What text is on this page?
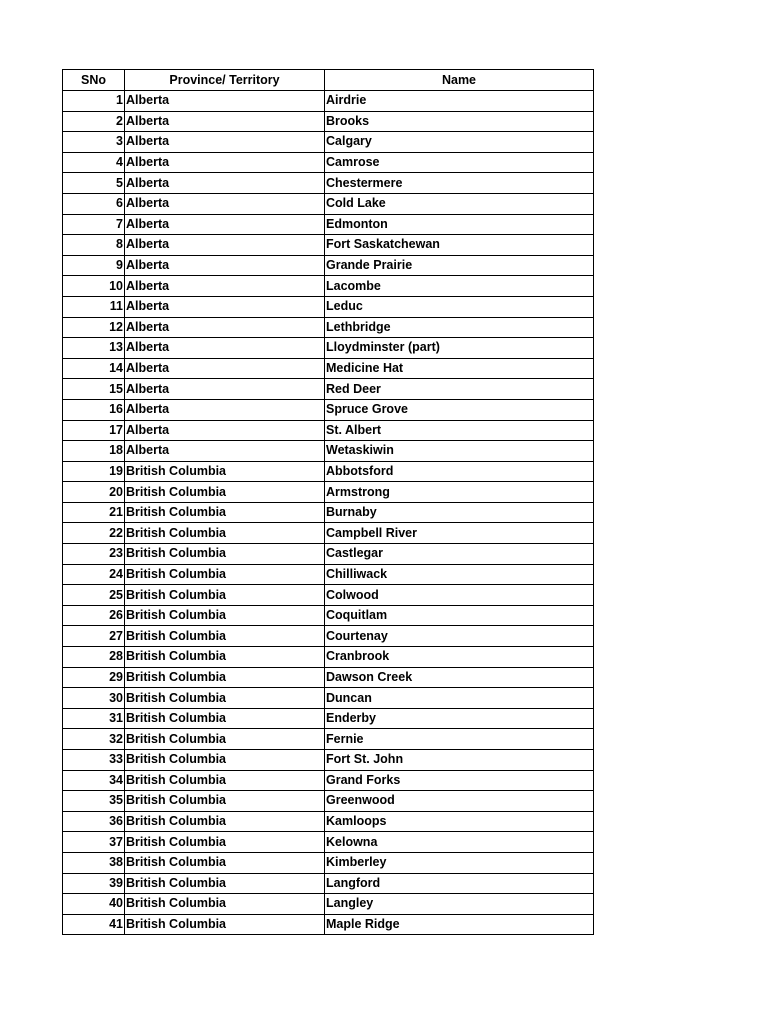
SNo	Province/ Territory	Name
1	Alberta	Airdrie
2	Alberta	Brooks
3	Alberta	Calgary
4	Alberta	Camrose
5	Alberta	Chestermere
6	Alberta	Cold Lake
7	Alberta	Edmonton
8	Alberta	Fort Saskatchewan
9	Alberta	Grande Prairie
10	Alberta	Lacombe
11	Alberta	Leduc
12	Alberta	Lethbridge
13	Alberta	Lloydminster (part)
14	Alberta	Medicine Hat
15	Alberta	Red Deer
16	Alberta	Spruce Grove
17	Alberta	St. Albert
18	Alberta	Wetaskiwin
19	British Columbia	Abbotsford
20	British Columbia	Armstrong
21	British Columbia	Burnaby
22	British Columbia	Campbell River
23	British Columbia	Castlegar
24	British Columbia	Chilliwack
25	British Columbia	Colwood
26	British Columbia	Coquitlam
27	British Columbia	Courtenay
28	British Columbia	Cranbrook
29	British Columbia	Dawson Creek
30	British Columbia	Duncan
31	British Columbia	Enderby
32	British Columbia	Fernie
33	British Columbia	Fort St. John
34	British Columbia	Grand Forks
35	British Columbia	Greenwood
36	British Columbia	Kamloops
37	British Columbia	Kelowna
38	British Columbia	Kimberley
39	British Columbia	Langford
40	British Columbia	Langley
41	British Columbia	Maple Ridge
